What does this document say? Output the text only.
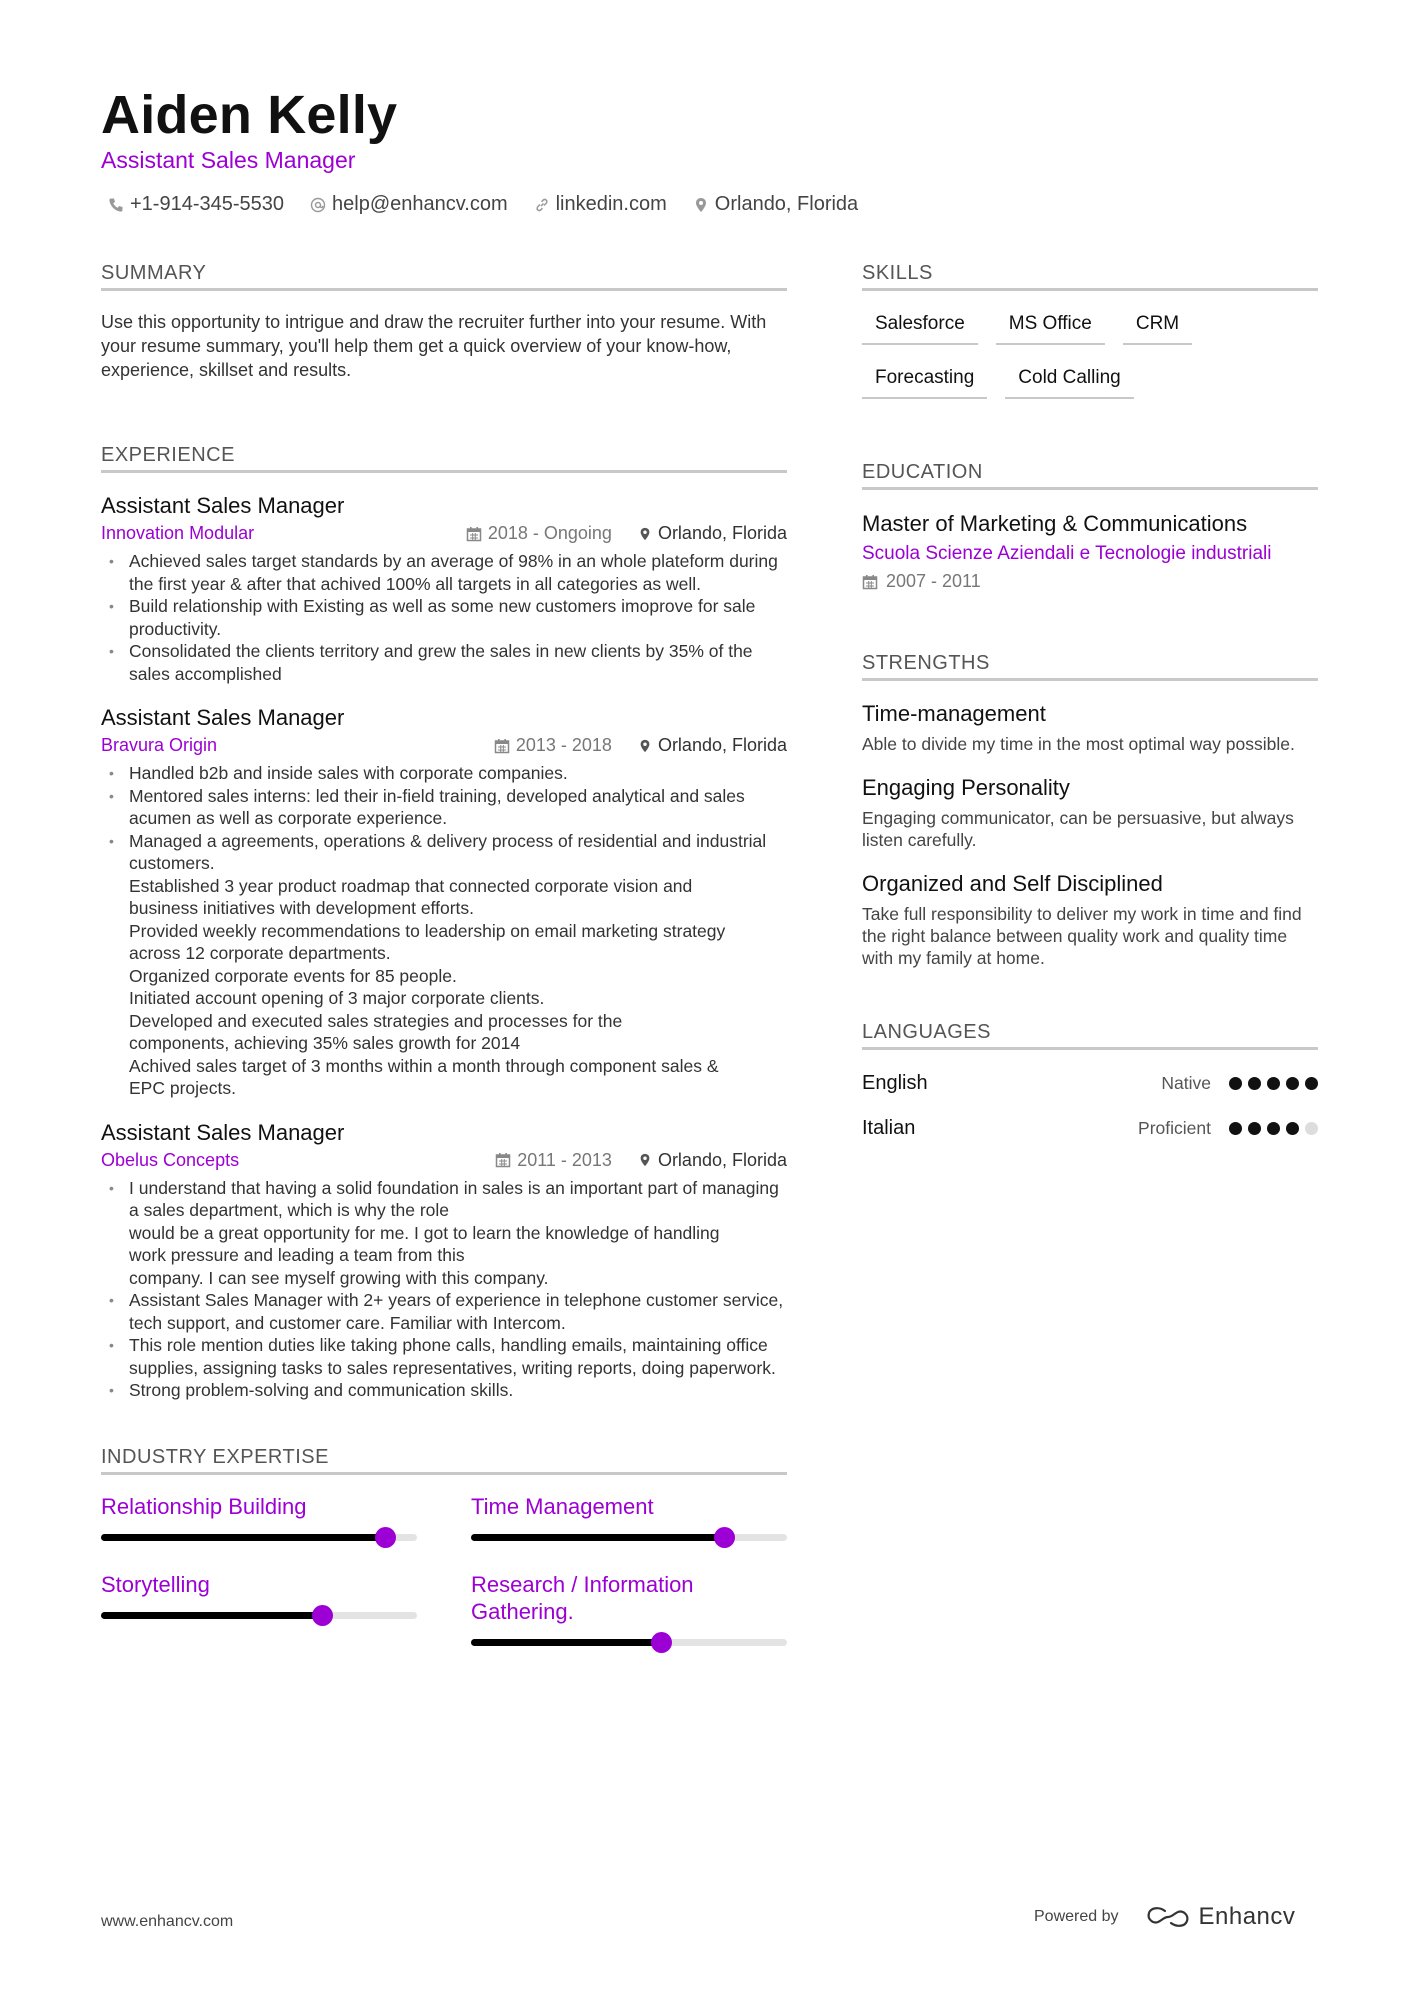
Aiden Kelly
Assistant Sales Manager
+1-914-345-5530 help@enhancv.com linkedin.com Orlando, Florida
SUMMARY
Use this opportunity to intrigue and draw the recruiter further into your resume. With your resume summary, you'll help them get a quick overview of your know-how, experience, skillset and results.
EXPERIENCE
Assistant Sales Manager
Innovation Modular	2018 - Ongoing	Orlando, Florida
• Achieved sales target standards by an average of 98% in an whole plateform during the first year & after that achived 100% all targets in all categories as well.
• Build relationship with Existing as well as some new customers imoprove for sale productivity.
• Consolidated the clients territory and grew the sales in new clients by 35% of the sales accomplished
Assistant Sales Manager
Bravura Origin	2013 - 2018	Orlando, Florida
• Handled b2b and inside sales with corporate companies.
• Mentored sales interns: led their in-field training, developed analytical and sales acumen as well as corporate experience.
• Managed a agreements, operations & delivery process of residential and industrial customers.
Established 3 year product roadmap that connected corporate vision and business initiatives with development efforts.
Provided weekly recommendations to leadership on email marketing strategy across 12 corporate departments.
Organized corporate events for 85 people.
Initiated account opening of 3 major corporate clients.
Developed and executed sales strategies and processes for the components, achieving 35% sales growth for 2014
Achived sales target of 3 months within a month through component sales & EPC projects.
Assistant Sales Manager
Obelus Concepts	2011 - 2013	Orlando, Florida
• I understand that having a solid foundation in sales is an important part of managing a sales department, which is why the role
would be a great opportunity for me. I got to learn the knowledge of handling work pressure and leading a team from this
company. I can see myself growing with this company.
• Assistant Sales Manager with 2+ years of experience in telephone customer service, tech support, and customer care. Familiar with Intercom.
• This role mention duties like taking phone calls, handling emails, maintaining office supplies, assigning tasks to sales representatives, writing reports, doing paperwork.
• Strong problem-solving and communication skills.
INDUSTRY EXPERTISE
Relationship Building	Time Management
Storytelling	Research / Information Gathering.
SKILLS
Salesforce	MS Office	CRM
Forecasting	Cold Calling
EDUCATION
Master of Marketing & Communications
Scuola Scienze Aziendali e Tecnologie industriali
2007 - 2011
STRENGTHS
Time-management
Able to divide my time in the most optimal way possible.
Engaging Personality
Engaging communicator, can be persuasive, but always listen carefully.
Organized and Self Disciplined
Take full responsibility to deliver my work in time and find the right balance between quality work and quality time with my family at home.
LANGUAGES
English	Native
Italian	Proficient
www.enhancv.com	Powered by	Enhancv
